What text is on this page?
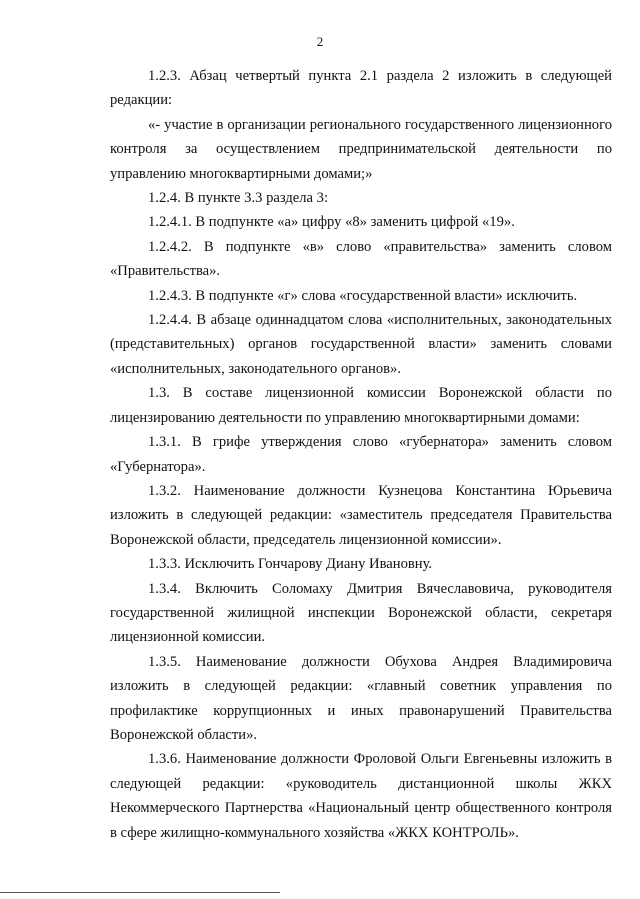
2

1.2.3. Абзац четвертый пункта 2.1 раздела 2 изложить в следующей редакции:

«- участие в организации регионального государственного лицензионного контроля за осуществлением предпринимательской деятельности по управлению многоквартирными домами;»

1.2.4. В пункте 3.3 раздела 3:

1.2.4.1. В подпункте «а» цифру «8» заменить цифрой «19».

1.2.4.2. В подпункте «в» слово «правительства» заменить словом «Правительства».

1.2.4.3. В подпункте «г» слова «государственной власти» исключить.

1.2.4.4. В абзаце одиннадцатом слова «исполнительных, законодательных (представительных) органов государственной власти» заменить словами «исполнительных, законодательного органов».

1.3. В составе лицензионной комиссии Воронежской области по лицензированию деятельности по управлению многоквартирными домами:

1.3.1. В грифе утверждения слово «губернатора» заменить словом «Губернатора».

1.3.2. Наименование должности Кузнецова Константина Юрьевича изложить в следующей редакции: «заместитель председателя Правительства Воронежской области, председатель лицензионной комиссии».

1.3.3. Исключить Гончарову Диану Ивановну.

1.3.4. Включить Соломаху Дмитрия Вячеславовича, руководителя государственной жилищной инспекции Воронежской области, секретаря лицензионной комиссии.

1.3.5. Наименование должности Обухова Андрея Владимировича изложить в следующей редакции: «главный советник управления по профилактике коррупционных и иных правонарушений Правительства Воронежской области».

1.3.6. Наименование должности Фроловой Ольги Евгеньевны изложить в следующей редакции: «руководитель дистанционной школы ЖКХ Некоммерческого Партнерства «Национальный центр общественного контроля в сфере жилищно-коммунального хозяйства «ЖКХ КОНТРОЛЬ».
